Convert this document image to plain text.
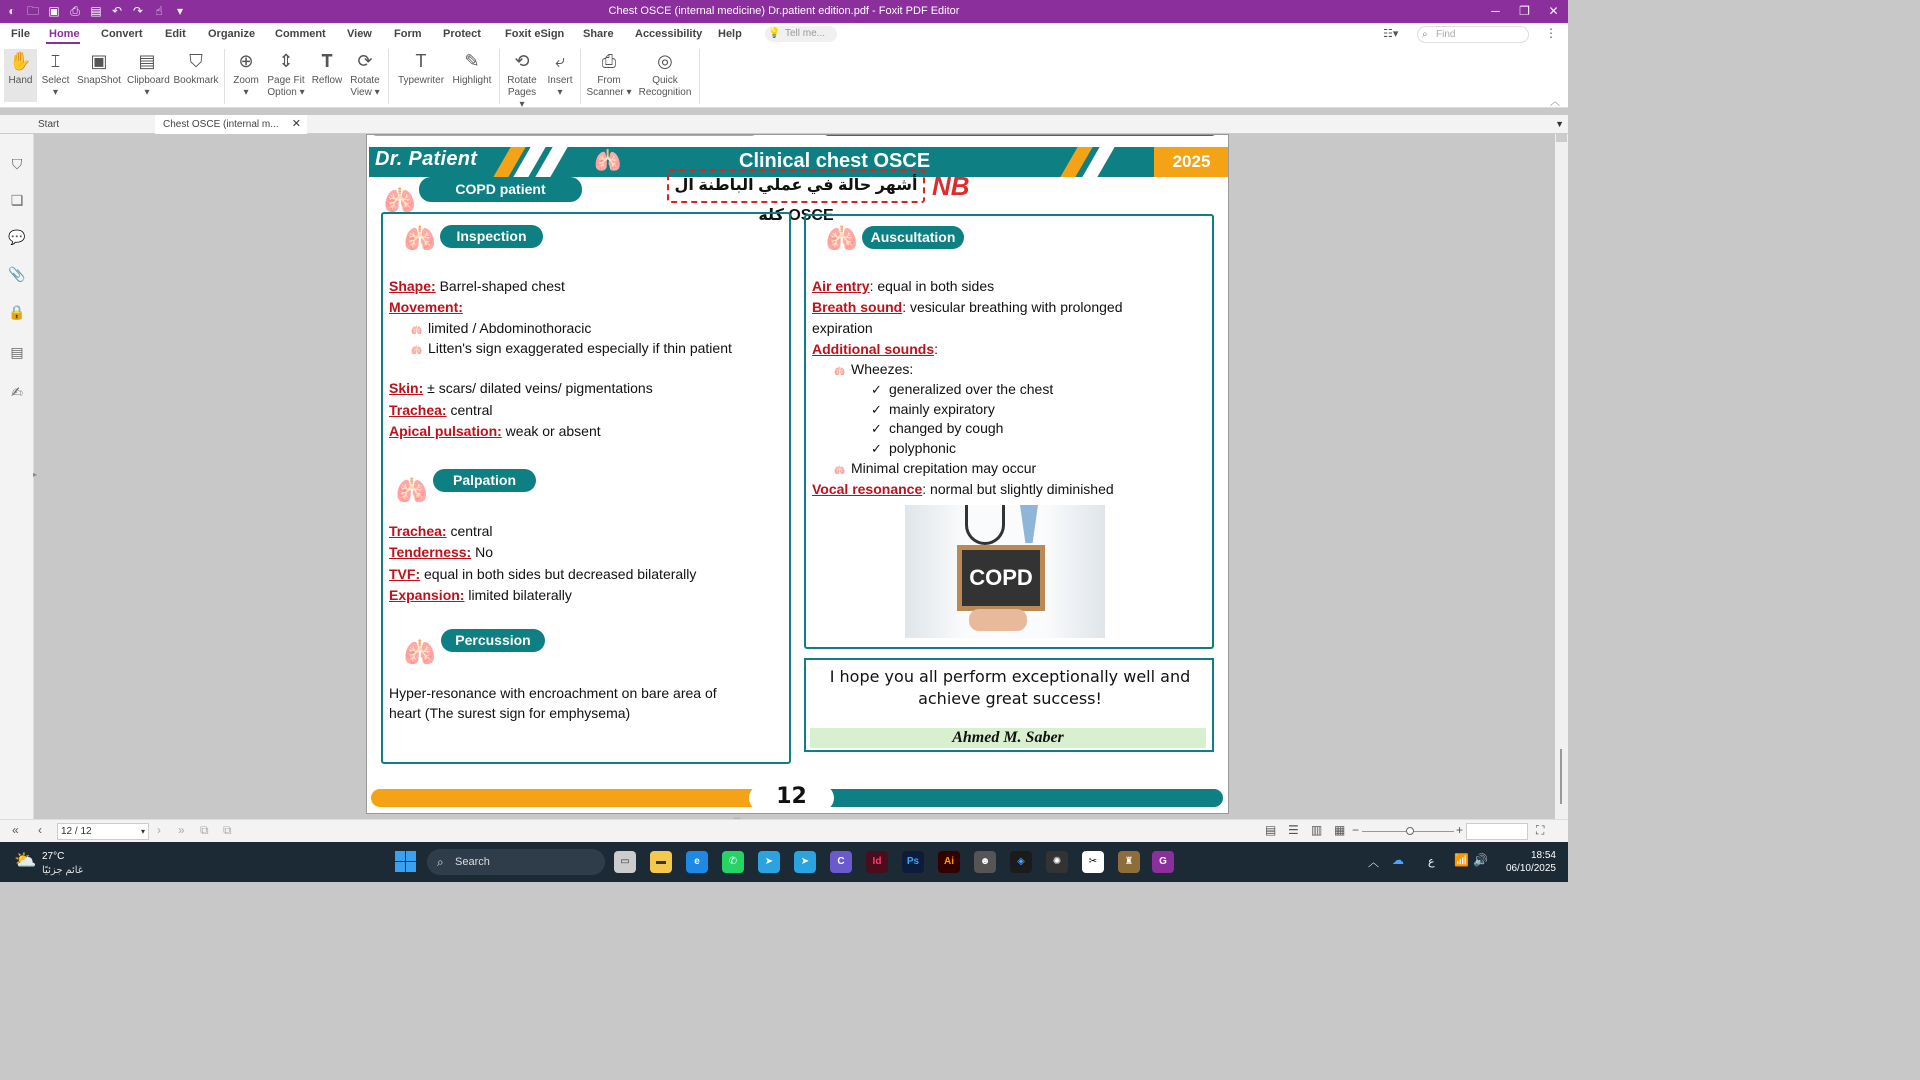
◐ 🗀 ▣ ⎙ ▤ ↶ ↷	☝	▾	Chest OSCE (internal medicine) Dr.patient edition.pdf - Foxit PDF Editor	─	❐	✕
File Home Convert Edit Organize Comment View Form Protect Foxit eSign Share Accessibility Help	💡 Tell me...	☷▾ ⌕ Find	⋮
✋
Hand
𝙸
Select
▾
▣
SnapShot
▤
Clipboard
▾
⛉
Bookmark
⊕
Zoom
▾
⇕
Page Fit
Option ▾
𝐓
Reflow
⟳
Rotate
View ▾
T
Typewriter
✎
Highlight
⟲
Rotate
Pages ▾
⤶
Insert
▾
⎙
From
Scanner ▾
◎
Quick
Recognition
︿
Start	Chest OSCE (internal m... ✕	▼
⛉
❏
💬
📎
🔒
▤
✍
▸
Dr. Patient	🫁	Clinical chest OSCE	2025
🫁	COPD patient	أشهر حالة في عملي الباطنة ال OSCE كله
NB
🫁	Inspection
Shape: Barrel-shaped chest
Movement:
🫁 limited / Abdominothoracic
🫁 Litten's sign exaggerated especially if thin patient
Skin: ± scars/ dilated veins/ pigmentations
Trachea: central
Apical pulsation: weak or absent
🫁	Palpation
Trachea: central
Tenderness: No
TVF: equal in both sides but decreased bilaterally
Expansion: limited bilaterally
🫁	Percussion
Hyper-resonance with encroachment on bare area of
heart (The surest sign for emphysema)
🫁 Auscultation
Air entry: equal in both sides
Breath sound: vesicular breathing with prolonged
expiration
Additional sounds:
🫁 Wheezes:
✓ generalized over the chest
✓ mainly expiratory
✓ changed by cough
✓ polyphonic
🫁 Minimal crepitation may occur
Vocal resonance: normal but slightly diminished
COPD
I hope you all perform exceptionally well and achieve great success!
Ahmed M. Saber
12
« ‹	12 / 12	▾ › » ⧉ ⧉	▤ ☰ ▥ ▦ −	+	⛶
⛅ 27°C
غائم جزئيًا
⌕ Search	▭	▬	e	✆	➤	➤	C	Id	Ps	Ai	☻	◈	✺	✂	♜	G	︿ ☁ ع 📶 🔊	18:54
06/10/2025
